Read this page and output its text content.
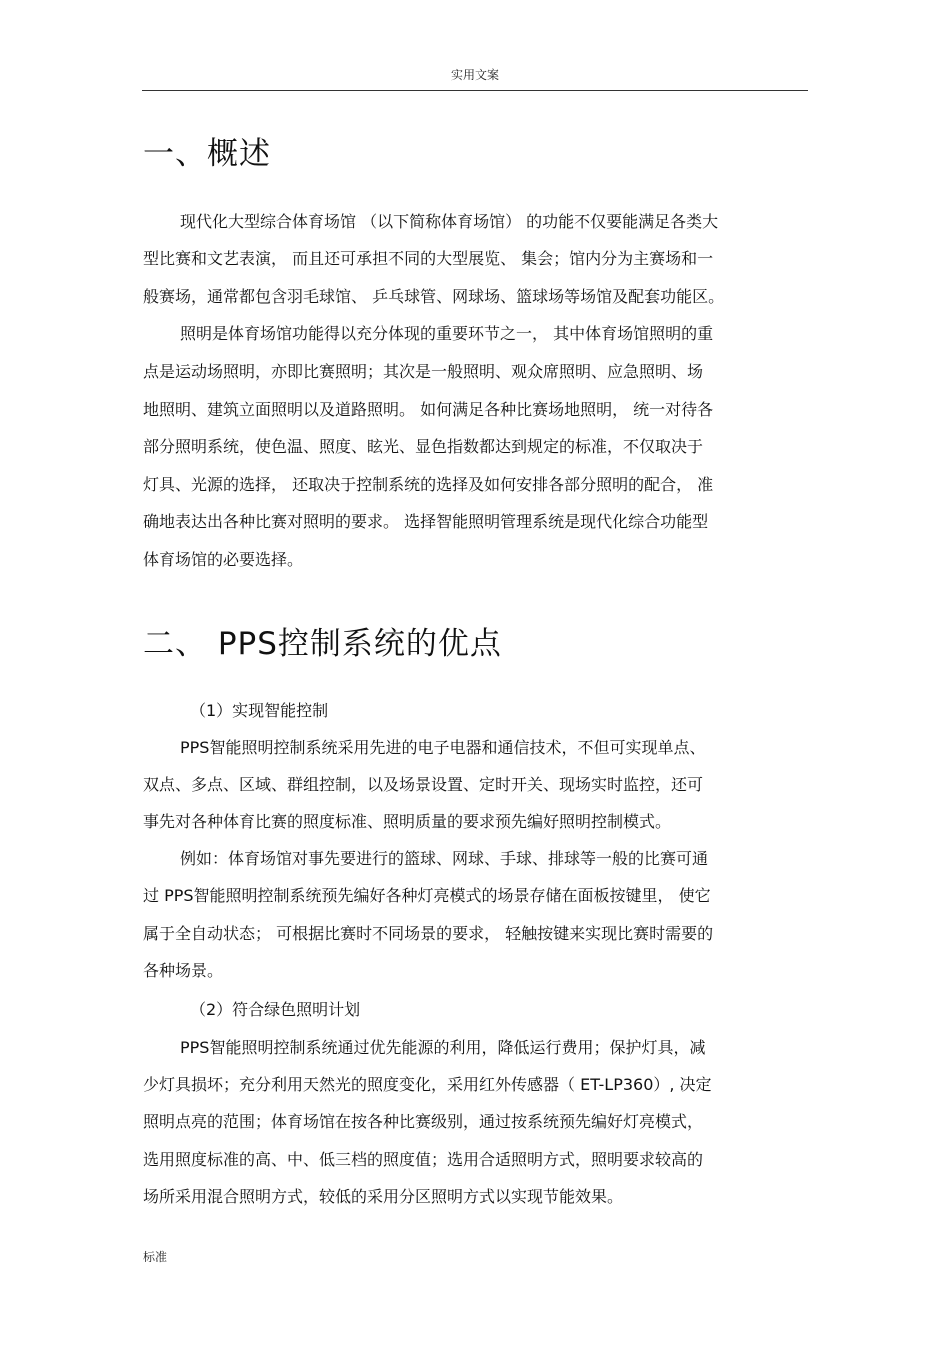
实用文案
一、概述
现代化大型综合体育场馆 （以下简称体育场馆） 的功能不仅要能满足各类大
型比赛和文艺表演， 而且还可承担不同的大型展览、 集会；馆内分为主赛场和一
般赛场，通常都包含羽毛球馆、 乒乓球管、网球场、篮球场等场馆及配套功能区。
照明是体育场馆功能得以充分体现的重要环节之一， 其中体育场馆照明的重
点是运动场照明，亦即比赛照明；其次是一般照明、观众席照明、应急照明、场
地照明、建筑立面照明以及道路照明。 如何满足各种比赛场地照明， 统一对待各
部分照明系统，使色温、照度、眩光、显色指数都达到规定的标准，不仅取决于
灯具、光源的选择， 还取决于控制系统的选择及如何安排各部分照明的配合， 准
确地表达出各种比赛对照明的要求。 选择智能照明管理系统是现代化综合功能型
体育场馆的必要选择。
二、 PPS控制系统的优点
（1）实现智能控制
PPS智能照明控制系统采用先进的电子电器和通信技术，不但可实现单点、
双点、多点、区域、群组控制，以及场景设置、定时开关、现场实时监控，还可
事先对各种体育比赛的照度标准、照明质量的要求预先编好照明控制模式。
例如：体育场馆对事先要进行的篮球、网球、手球、排球等一般的比赛可通
过 PPS智能照明控制系统预先编好各种灯亮模式的场景存储在面板按键里， 使它
属于全自动状态； 可根据比赛时不同场景的要求， 轻触按键来实现比赛时需要的
各种场景。
（2）符合绿色照明计划
PPS智能照明控制系统通过优先能源的利用，降低运行费用；保护灯具，减
少灯具损坏；充分利用天然光的照度变化，采用红外传感器（ ET-LP360）, 决定
照明点亮的范围；体育场馆在按各种比赛级别，通过按系统预先编好灯亮模式，
选用照度标准的高、中、低三档的照度值；选用合适照明方式，照明要求较高的
场所采用混合照明方式，较低的采用分区照明方式以实现节能效果。
标准
